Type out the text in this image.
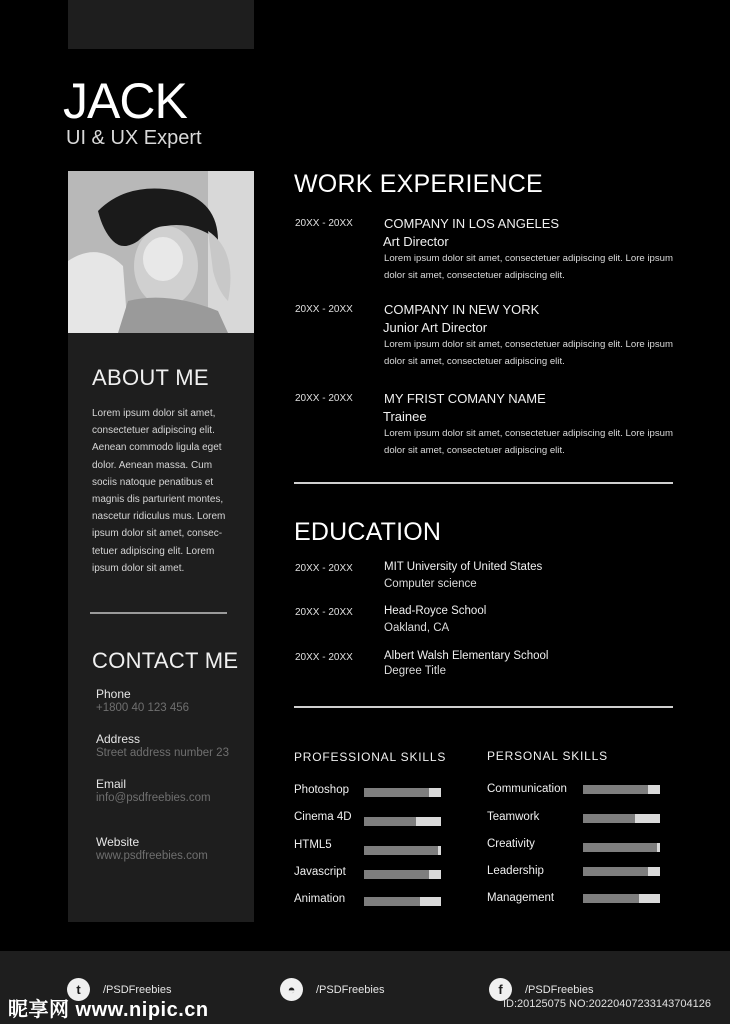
JACK
UI & UX Expert
ABOUT ME
Lorem ipsum dolor sit amet, consectetuer adipiscing elit. Aenean commodo ligula eget dolor. Aenean massa. Cum sociis natoque penatibus et magnis dis parturient montes, nascetur ridiculus mus. Lorem ipsum dolor sit amet, consec-tetuer adipiscing elit. Lorem ipsum dolor sit amet.
CONTACT ME
Phone
+1800 40 123 456
Address
Street address number 23
Email
info@psdfreebies.com
Website
www.psdfreebies.com
WORK EXPERIENCE
20XX - 20XX COMPANY IN LOS ANGELES
Art Director
Lorem ipsum dolor sit amet, consectetuer adipiscing elit. Lore ipsum dolor sit amet, consectetuer adipiscing elit.
20XX - 20XX COMPANY IN NEW YORK
Junior Art Director
Lorem ipsum dolor sit amet, consectetuer adipiscing elit. Lore ipsum dolor sit amet, consectetuer adipiscing elit.
20XX - 20XX MY FRIST COMANY NAME
Trainee
Lorem ipsum dolor sit amet, consectetuer adipiscing elit. Lore ipsum dolor sit amet, consectetuer adipiscing elit.
EDUCATION
20XX - 20XX	MIT University of United States
Computer science
20XX - 20XX	Head-Royce School
Oakland, CA
20XX - 20XX	Albert Walsh Elementary School
Degree Title
PROFESSIONAL SKILLS	PERSONAL SKILLS
Photoshop
Cinema 4D
HTML5
Javascript
Animation
Communication
Teamwork
Creativity
Leadership
Management
t	/PSDFreebies	◓	/PSDFreebies	f	/PSDFreebies
昵享网 www.nipic.cn	ID:20125075 NO:20220407233143704126
